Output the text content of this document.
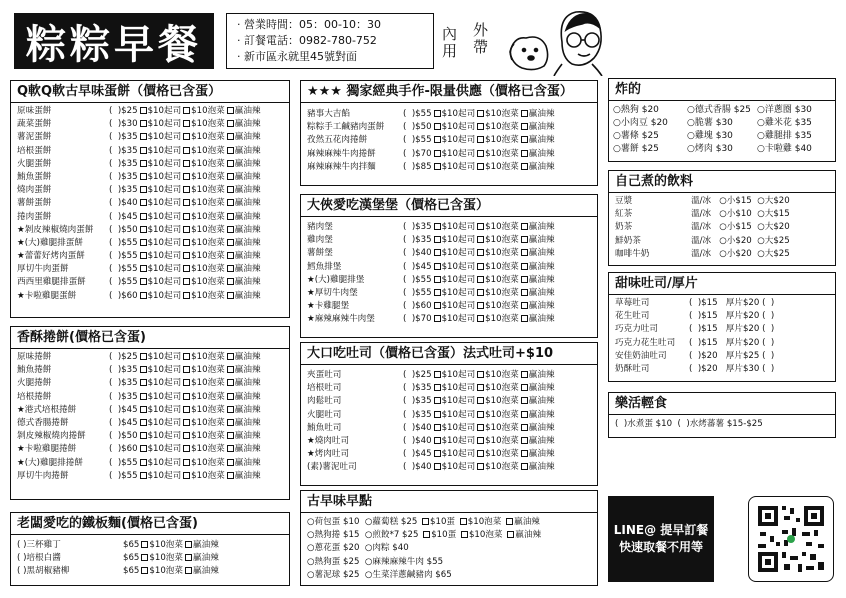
粽粽早餐
·	營業時間：05：00-10：30
· 訂餐電話：0982-780-752
· 新市區永就里45號對面
內
用
外
帶
Q軟Q軟古早味蛋餅（價格已含蛋）
原味蛋餅	(  )$25 $10起司 $10泡菜 贏油辣
蔬菜蛋餅	(  )$30 $10起司 $10泡菜 贏油辣
薯泥蛋餅	(  )$35 $10起司 $10泡菜 贏油辣
培根蛋餅	(  )$35 $10起司 $10泡菜 贏油辣
火腿蛋餅	(  )$35 $10起司 $10泡菜 贏油辣
鮪魚蛋餅	(  )$35 $10起司 $10泡菜 贏油辣
燒肉蛋餅	(  )$35 $10起司 $10泡菜 贏油辣
薯餅蛋餅	(  )$40 $10起司 $10泡菜 贏油辣
捲肉蛋餅	(  )$45 $10起司 $10泡菜 贏油辣
★剝皮辣椒燒肉蛋餅	(  )$50 $10起司 $10泡菜 贏油辣
★(大)雞腿排蛋餅	(  )$55 $10起司 $10泡菜 贏油辣
★蕾蕾好烤肉蛋餅	(  )$55 $10起司 $10泡菜 贏油辣
厚切牛肉蛋餅	(  )$55 $10起司 $10泡菜 贏油辣
西西里雞腿排蛋餅	(  )$55 $10起司 $10泡菜 贏油辣
★卡啦雞腿蛋餅	(  )$60 $10起司 $10泡菜 贏油辣
香酥捲餅(價格已含蛋)
原味捲餅	(  )$25 $10起司 $10泡菜 贏油辣
鮪魚捲餅	(  )$35 $10起司 $10泡菜 贏油辣
火腿捲餅	(  )$35 $10起司 $10泡菜 贏油辣
培根捲餅	(  )$35 $10起司 $10泡菜 贏油辣
★港式培根捲餅	(  )$45 $10起司 $10泡菜 贏油辣
德式香腸捲餅	(  )$45 $10起司 $10泡菜 贏油辣
剝皮辣椒燒肉捲餅	(  )$50 $10起司 $10泡菜 贏油辣
★卡啦雞腿捲餅	(  )$60 $10起司 $10泡菜 贏油辣
★(大)雞腿排捲餅	(  )$55 $10起司 $10泡菜 贏油辣
厚切牛肉捲餅	(  )$55 $10起司 $10泡菜 贏油辣
老闆愛吃的鐵板麵(價格已含蛋)
( )三杯雞丁	$65 $10泡菜 贏油辣
( )培根白醬	$65 $10泡菜 贏油辣
( )黑胡椒豬柳	$65 $10泡菜 贏油辣
★★★ 獨家經典手作-限量供應（價格已含蛋）
豬事大吉餡	(  )$55 $10起司 $10泡菜 贏油辣
粽粽手工鹹豬肉蛋餅	(  )$50 $10起司 $10泡菜 贏油辣
孜然五花肉捲餅	(  )$55 $10起司 $10泡菜 贏油辣
麻辣麻辣牛肉捲餅	(  )$70 $10起司 $10泡菜 贏油辣
麻辣麻辣牛肉拌麵	(  )$85 $10起司 $10泡菜 贏油辣
大俠愛吃漢堡堡（價格已含蛋）
豬肉堡	(  )$35 $10起司 $10泡菜 贏油辣
雞肉堡	(  )$35 $10起司 $10泡菜 贏油辣
薯餅堡	(  )$40 $10起司 $10泡菜 贏油辣
鱈魚排堡	(  )$45 $10起司 $10泡菜 贏油辣
★(大)雞腿排堡	(  )$55 $10起司 $10泡菜 贏油辣
★厚切牛肉堡	(  )$55 $10起司 $10泡菜 贏油辣
★卡雞腿堡	(  )$60 $10起司 $10泡菜 贏油辣
★麻辣麻辣牛肉堡	(  )$70 $10起司 $10泡菜 贏油辣
大口吃吐司（價格已含蛋）法式吐司+$10
夾蛋吐司	(  )$25 $10起司 $10泡菜 贏油辣
培根吐司	(  )$35 $10起司 $10泡菜 贏油辣
肉鬆吐司	(  )$35 $10起司 $10泡菜 贏油辣
火腿吐司	(  )$35 $10起司 $10泡菜 贏油辣
鮪魚吐司	(  )$40 $10起司 $10泡菜 贏油辣
★燒肉吐司	(  )$40 $10起司 $10泡菜 贏油辣
★烤肉吐司	(  )$45 $10起司 $10泡菜 贏油辣
(素)薯泥吐司	(  )$40 $10起司 $10泡菜 贏油辣
古早味早點
○荷包蛋 $10  ○蘿蔔糕 $25 $10蛋 $10泡菜 贏油辣
○熱狗捲 $15  ○煎餃*7 $25 $10蛋 $10泡菜 贏油辣
○蔥花蛋 $20  ○肉粽 $40
○熱狗蛋 $25  ○麻辣麻辣牛肉 $55
○薯泥球 $25  ○生菜洋蔥鹹豬肉 $65
炸的
○熱狗 $20	○德式香腸 $25 ○洋蔥圈 $30
○小肉豆 $20	○脆薯 $30	○雞米花 $35
○薯條 $25	○雞塊 $30	○雞腿排 $35
○薯餅 $25	○烤肉 $30	○卡啦雞 $40
自己煮的飲料
豆漿	溫/冰   ○小$15  ○大$20
紅茶	溫/冰   ○小$10  ○大$15
奶茶	溫/冰   ○小$15  ○大$20
鮮奶茶	溫/冰   ○小$20  ○大$25
咖啡牛奶	溫/冰   ○小$20  ○大$25
甜味吐司/厚片
草莓吐司	(  )$15   厚片$20 (  )
花生吐司	(  )$15   厚片$20 (  )
巧克力吐司	(  )$15   厚片$20 (  )
巧克力花生吐司	(  )$15   厚片$20 (  )
安佳奶油吐司	(  )$20   厚片$25 (  )
奶酥吐司	(  )$20   厚片$30 (  )
樂活輕食
(  )水煮蛋 $10  (  )水烤蕃薯 $15-$25
LINE@ 提早訂餐
快速取餐不用等
